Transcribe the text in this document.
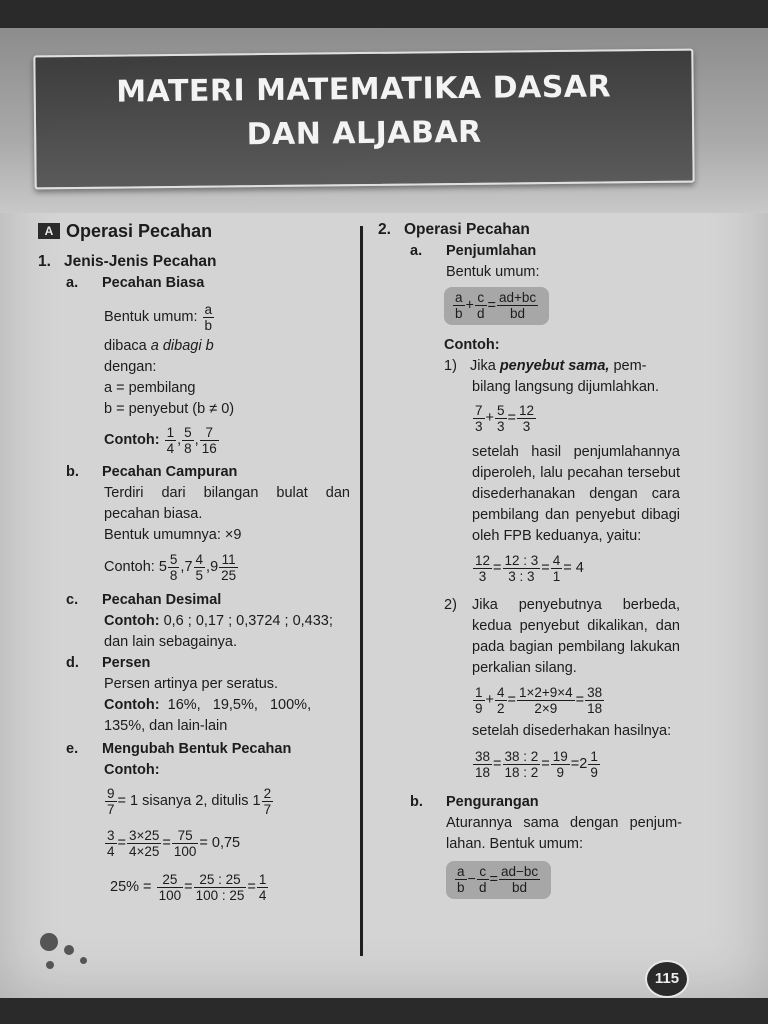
MATERI MATEMATIKA DASAR
DAN ALJABAR
A Operasi Pecahan
1. Jenis-Jenis Pecahan
a. Pecahan Biasa
Bentuk umum: $\frac{a}{b}$
dibaca a dibagi b
dengan:
a = pembilang
b = penyebut (b ≠ 0)
Contoh: $\frac{1}{4}$ , $\frac{5}{8}$ , $\frac{7}{16}$
b. Pecahan Campuran
Terdiri dari bilangan bulat dan pecahan biasa.
Bentuk umumnya: ×9
Contoh: $5 \frac{5}{8} ,7 \frac{4}{5} ,9 \frac{11}{25}$
c. Pecahan Desimal
Contoh: 0,6 ; 0,17 ; 0,3724 ; 0,433;
dan lain sebagainya.
d. Persen
Persen artinya per seratus.
Contoh: 16%,   19,5%,   100%,
135%, dan lain-lain
e. Mengubah Bentuk Pecahan
Contoh:
$\frac{9}{7} = 1$ sisanya 2, ditulis $1 \frac{2}{7}$
$\frac{3}{4} = \frac{3\times 25}{4\times 25} = \frac{75}{100} = 0,75$
$25\% = \frac{25}{100} = \frac{25 : 25}{100 : 25} = \frac{1}{4}$
2. Operasi Pecahan
a. Penjumlahan
Bentuk umum:
$\frac{a}{b} + \frac{c}{d} = \frac{ad+bc}{bd}$
Contoh:
1) Jika penyebut sama, pem-
bilang langsung dijumlahkan.
$\frac{7}{3} + \frac{5}{3} = \frac{12}{3}$
setelah hasil penjumlahannya diperoleh, lalu pecahan tersebut disederhanakan dengan cara pembilang dan penyebut dibagi oleh FPB keduanya, yaitu:
$\frac{12}{3} = \frac{12 : 3}{3 : 3} = \frac{4}{1} = 4$
2)	Jika penyebutnya berbeda, kedua penyebut dikalikan, dan pada bagian pembilang lakukan perkalian silang.
$\frac{1}{9} + \frac{4}{2} = \frac{1\times 2+9\times 4}{2\times 9} = \frac{38}{18}$
setelah disederhakan hasilnya:
$\frac{38}{18} = \frac{38 : 2}{18 : 2} = \frac{19}{9} =2 \frac{1}{9}$
b. Pengurangan
Aturannya sama dengan penjum-lahan. Bentuk umum:
$\frac{a}{b} - \frac{c}{d} = \frac{ad-bc}{bd}$
115
